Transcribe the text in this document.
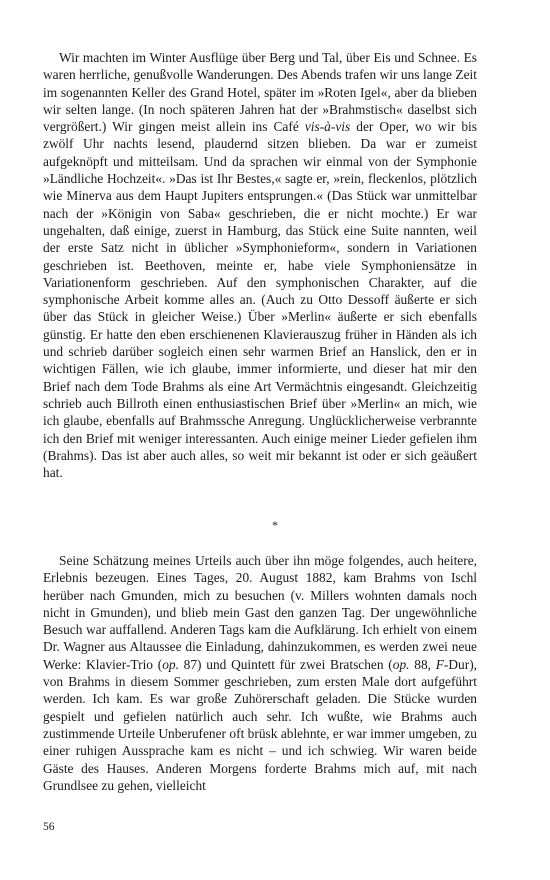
Wir machten im Winter Ausflüge über Berg und Tal, über Eis und Schnee. Es waren herrliche, genußvolle Wanderungen. Des Abends trafen wir uns lange Zeit im sogenannten Keller des Grand Hotel, später im »Roten Igel«, aber da blieben wir selten lange. (In noch späteren Jahren hat der »Brahmstisch« daselbst sich vergrößert.) Wir gingen meist allein ins Café vis-à-vis der Oper, wo wir bis zwölf Uhr nachts lesend, plaudernd sitzen blieben. Da war er zumeist aufgeknöpft und mitteilsam. Und da sprachen wir einmal von der Symphonie »Ländliche Hochzeit«. »Das ist Ihr Bestes,« sagte er, »rein, fleckenlos, plötzlich wie Minerva aus dem Haupt Jupiters entsprungen.« (Das Stück war unmittelbar nach der »Königin von Saba« geschrieben, die er nicht mochte.) Er war ungehalten, daß einige, zuerst in Hamburg, das Stück eine Suite nannten, weil der erste Satz nicht in üblicher »Symphonieform«, sondern in Variationen geschrieben ist. Beethoven, meinte er, habe viele Symphoniensätze in Variationenform geschrieben. Auf den symphonischen Charakter, auf die symphonische Arbeit komme alles an. (Auch zu Otto Dessoff äußerte er sich über das Stück in gleicher Weise.) Über »Merlin« äußerte er sich ebenfalls günstig. Er hatte den eben erschienenen Klavierauszug früher in Händen als ich und schrieb darüber sogleich einen sehr warmen Brief an Hanslick, den er in wichtigen Fällen, wie ich glaube, immer informierte, und dieser hat mir den Brief nach dem Tode Brahms als eine Art Vermächtnis eingesandt. Gleichzeitig schrieb auch Billroth einen enthusiastischen Brief über »Merlin« an mich, wie ich glaube, ebenfalls auf Brahmssche Anregung. Unglücklicherweise verbrannte ich den Brief mit weniger interessanten. Auch einige meiner Lieder gefielen ihm (Brahms). Das ist aber auch alles, so weit mir bekannt ist oder er sich geäußert hat.

*

Seine Schätzung meines Urteils auch über ihn möge folgendes, auch heitere, Erlebnis bezeugen. Eines Tages, 20. August 1882, kam Brahms von Ischl herüber nach Gmunden, mich zu besuchen (v. Millers wohnten damals noch nicht in Gmunden), und blieb mein Gast den ganzen Tag. Der ungewöhnliche Besuch war auffallend. Anderen Tags kam die Aufklärung. Ich erhielt von einem Dr. Wagner aus Altaussee die Einladung, dahinzukommen, es werden zwei neue Werke: Klavier-Trio (op. 87) und Quintett für zwei Bratschen (op. 88, F-Dur), von Brahms in diesem Sommer geschrieben, zum ersten Male dort aufgeführt werden. Ich kam. Es war große Zuhörerschaft geladen. Die Stücke wurden gespielt und gefielen natürlich auch sehr. Ich wußte, wie Brahms auch zustimmende Urteile Unberufener oft brüsk ablehnte, er war immer umgeben, zu einer ruhigen Aussprache kam es nicht – und ich schwieg. Wir waren beide Gäste des Hauses. Anderen Morgens forderte Brahms mich auf, mit nach Grundlsee zu gehen, vielleicht

56
